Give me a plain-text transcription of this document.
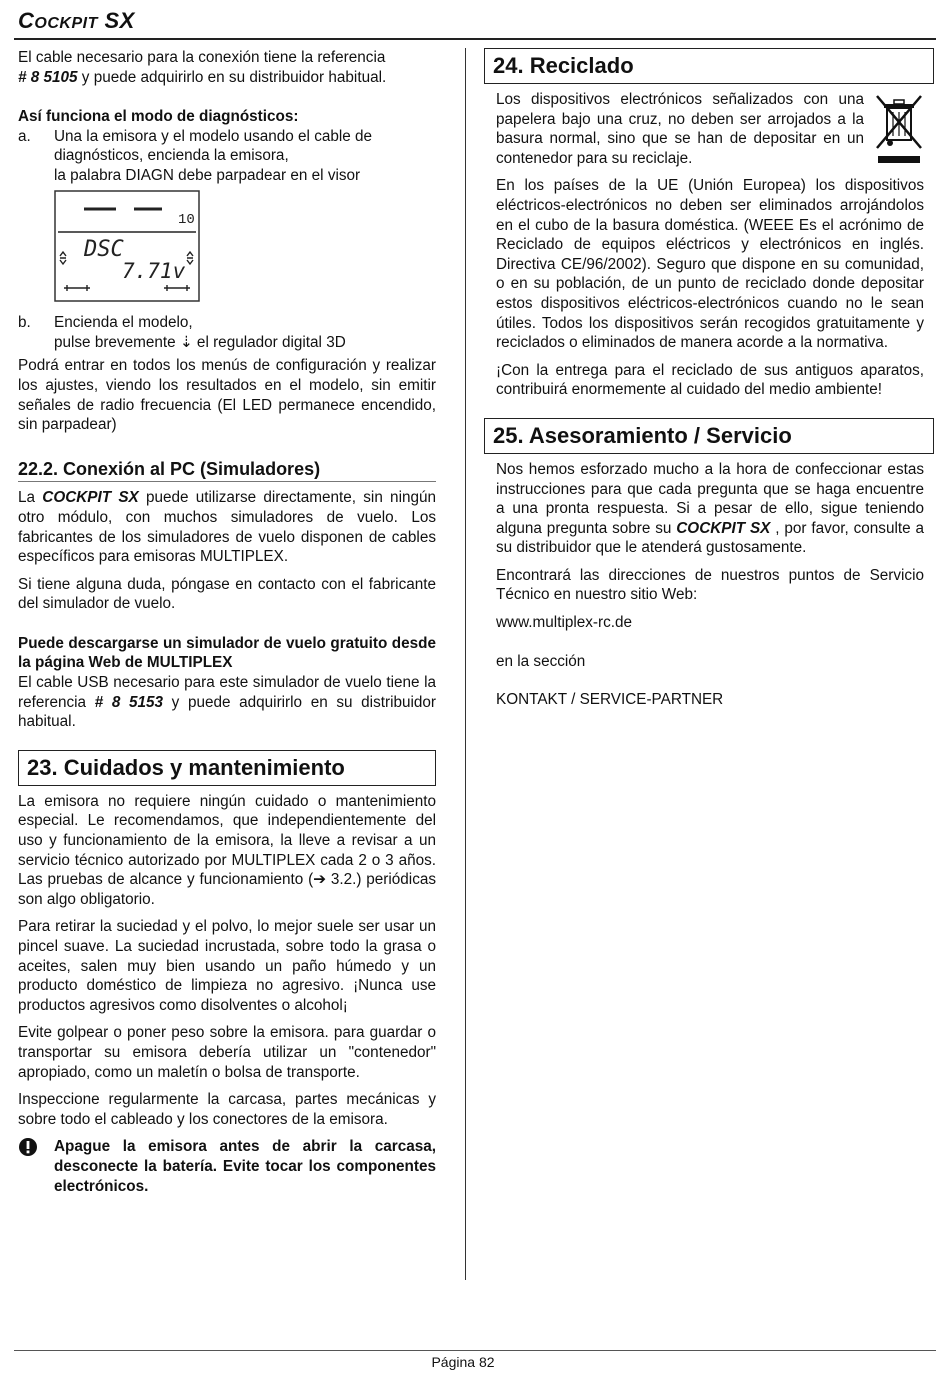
COCKPIT SX

El cable necesario para la conexión tiene la referencia
# 8 5105 y puede adquirirlo en su distribuidor habitual.

Así funciona el modo de diagnósticos:
a.	Una la emisora y el modelo usando el cable de diagnósticos, encienda la emisora,
la palabra DIAGN debe parpadear en el visor
10
DSC
7.71v
b.	Encienda el modelo,
pulse brevemente ⇣ el regulador digital 3D

Podrá entrar en todos los menús de configuración y realizar los ajustes, viendo los resultados en el modelo, sin emitir señales de radio frecuencia (El LED permanece encendido, sin parpadear)

22.2. Conexión al PC (Simuladores)

La COCKPIT SX puede utilizarse directamente, sin ningún otro módulo, con muchos simuladores de vuelo. Los fabricantes de los simuladores de vuelo disponen de cables específicos para emisoras MULTIPLEX.

Si tiene alguna duda, póngase en contacto con el fabricante del simulador de vuelo.

Puede descargarse un simulador de vuelo gratuito desde la página Web de MULTIPLEX

El cable USB necesario para este simulador de vuelo tiene la referencia # 8 5153 y puede adquirirlo en su distribuidor habitual.

23. Cuidados y mantenimiento

La emisora no requiere ningún cuidado o mantenimiento especial. Le recomendamos, que independientemente del uso y funcionamiento de la emisora, la lleve a revisar a un servicio técnico autorizado por MULTIPLEX cada 2 o 3 años. Las pruebas de alcance y funcionamiento (➔ 3.2.) periódicas son algo obligatorio.

Para retirar la suciedad y el polvo, lo mejor suele ser usar un pincel suave. La suciedad incrustada, sobre todo la grasa o aceites, salen muy bien usando un paño húmedo y un producto doméstico de limpieza no agresivo. ¡Nunca use productos agresivos como disolventes o alcohol¡

Evite golpear o poner peso sobre la emisora. para guardar o transportar su emisora debería utilizar un "contenedor" apropiado, como un maletín o bolsa de transporte.

Inspeccione regularmente la carcasa, partes mecánicas y sobre todo el cableado y los conectores de la emisora.

Apague la emisora antes de abrir la carcasa, desconecte la batería. Evite tocar los componentes electrónicos.
24. Reciclado

Los dispositivos electrónicos señalizados con una papelera bajo una cruz, no deben ser arrojados a la basura normal, sino que se han de depositar en un contenedor para su reciclaje.

En los países de la UE (Unión Europea) los dispositivos eléctricos-electrónicos no deben ser eliminados arrojándolos en el cubo de la basura doméstica. (WEEE Es el acrónimo de Reciclado de equipos eléctricos y electrónicos en inglés. Directiva CE/96/2002). Seguro que dispone en su comunidad, o en su población, de un punto de reciclado donde depositar estos dispositivos eléctricos-electrónicos cuando no le sean útiles. Todos los dispositivos serán recogidos gratuitamente y reciclados o eliminados de manera acorde a la normativa.

¡Con la entrega para el reciclado de sus antiguos aparatos, contribuirá enormemente al cuidado del medio ambiente!

25. Asesoramiento / Servicio

Nos hemos esforzado mucho a la hora de confeccionar estas instrucciones para que cada pregunta que se haga encuentre a una pronta respuesta. Si a pesar de ello, sigue teniendo alguna pregunta sobre su COCKPIT SX , por favor, consulte a su distribuidor que le atenderá gustosamente.

Encontrará las direcciones de nuestros puntos de Servicio Técnico en nuestro sitio Web:

www.multiplex-rc.de

en la sección

KONTAKT / SERVICE-PARTNER

Página 82
